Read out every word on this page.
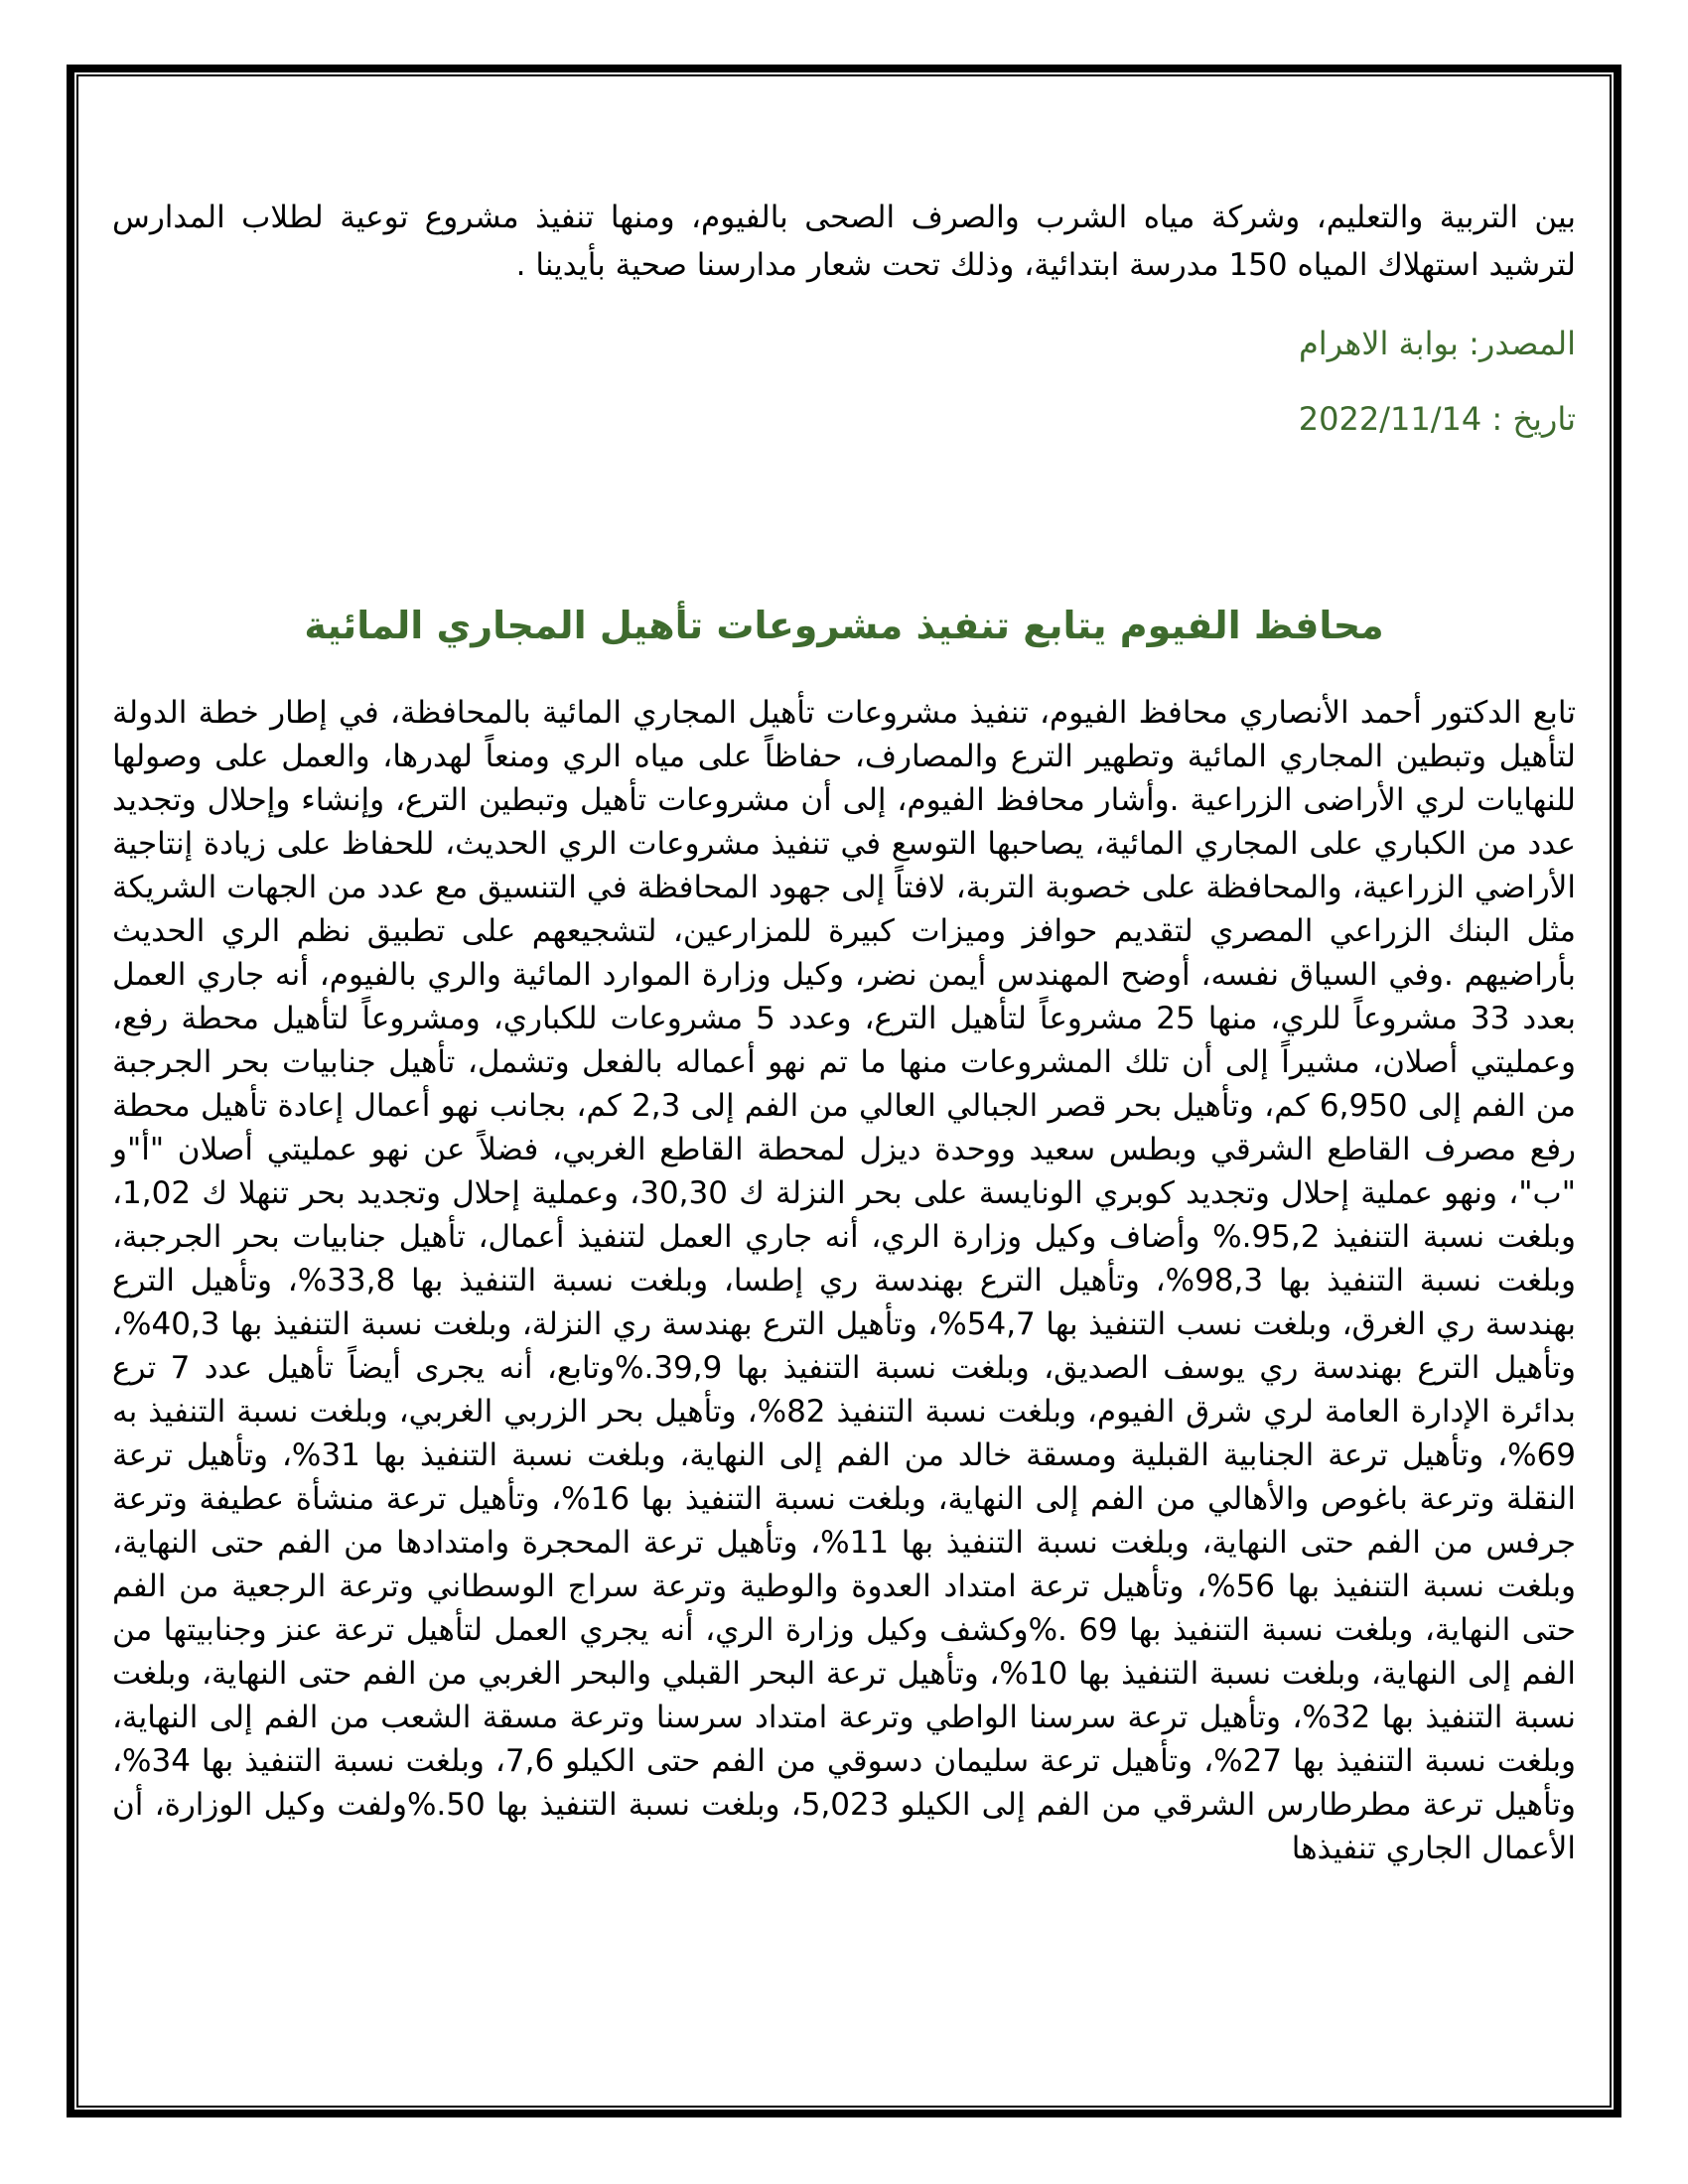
بين التربية والتعليم، وشركة مياه الشرب والصرف الصحى بالفيوم، ومنها تنفيذ مشروع توعية لطلاب المدارس لترشيد استهلاك المياه 150 مدرسة ابتدائية، وذلك تحت شعار مدارسنا صحية بأيدينا .

المصدر: بوابة الاهرام

تاريخ : 2022/11/14

محافظ الفيوم يتابع تنفيذ مشروعات تأهيل المجاري المائية

تابع الدكتور أحمد الأنصاري محافظ الفيوم، تنفيذ مشروعات تأهيل المجاري المائية بالمحافظة، في إطار خطة الدولة لتأهيل وتبطين المجاري المائية وتطهير الترع والمصارف، حفاظاً على مياه الري ومنعاً لهدرها، والعمل على وصولها للنهايات لري الأراضى الزراعية .وأشار محافظ الفيوم، إلى أن مشروعات تأهيل وتبطين الترع، وإنشاء وإحلال وتجديد عدد من الكباري على المجاري المائية، يصاحبها التوسع في تنفيذ مشروعات الري الحديث، للحفاظ على زيادة إنتاجية الأراضي الزراعية، والمحافظة على خصوبة التربة، لافتاً إلى جهود المحافظة في التنسيق مع عدد من الجهات الشريكة مثل البنك الزراعي المصري لتقديم حوافز وميزات كبيرة للمزارعين، لتشجيعهم على تطبيق نظم الري الحديث بأراضيهم .وفي السياق نفسه، أوضح المهندس أيمن نضر، وكيل وزارة الموارد المائية والري بالفيوم، أنه جاري العمل بعدد 33 مشروعاً للري، منها 25 مشروعاً لتأهيل الترع، وعدد 5 مشروعات للكباري، ومشروعاً لتأهيل محطة رفع، وعمليتي أصلان، مشيراً إلى أن تلك المشروعات منها ما تم نهو أعماله بالفعل وتشمل، تأهيل جنابيات بحر الجرجبة من الفم إلى 6,950 كم، وتأهيل بحر قصر الجبالي العالي من الفم إلى 2,3 كم، بجانب نهو أعمال إعادة تأهيل محطة رفع مصرف القاطع الشرقي وبطس سعيد ووحدة ديزل لمحطة القاطع الغربي، فضلاً عن نهو عمليتي أصلان "أ"و "ب"، ونهو عملية إحلال وتجديد كوبري الونايسة على بحر النزلة ك 30,30، وعملية إحلال وتجديد بحر تنهلا ك 1,02، وبلغت نسبة التنفيذ 95,2.% وأضاف وكيل وزارة الري، أنه جاري العمل لتنفيذ أعمال، تأهيل جنابيات بحر الجرجبة، وبلغت نسبة التنفيذ بها 98,3%، وتأهيل الترع بهندسة ري إطسا، وبلغت نسبة التنفيذ بها 33,8%، وتأهيل الترع بهندسة ري الغرق، وبلغت نسب التنفيذ بها 54,7%، وتأهيل الترع بهندسة ري النزلة، وبلغت نسبة التنفيذ بها 40,3%، وتأهيل الترع بهندسة ري يوسف الصديق، وبلغت نسبة التنفيذ بها 39,9.%وتابع، أنه يجرى أيضاً تأهيل عدد 7 ترع بدائرة الإدارة العامة لري شرق الفيوم، وبلغت نسبة التنفيذ 82%، وتأهيل بحر الزربي الغربي، وبلغت نسبة التنفيذ به 69%، وتأهيل ترعة الجنابية القبلية ومسقة خالد من الفم إلى النهاية، وبلغت نسبة التنفيذ بها 31%، وتأهيل ترعة النقلة وترعة باغوص والأهالي من الفم إلى النهاية، وبلغت نسبة التنفيذ بها 16%، وتأهيل ترعة منشأة عطيفة وترعة جرفس من الفم حتى النهاية، وبلغت نسبة التنفيذ بها 11%، وتأهيل ترعة المحجرة وامتدادها من الفم حتى النهاية، وبلغت نسبة التنفيذ بها 56%، وتأهيل ترعة امتداد العدوة والوطية وترعة سراج الوسطاني وترعة الرجعية من الفم حتى النهاية، وبلغت نسبة التنفيذ بها 69 .%وكشف وكيل وزارة الري، أنه يجري العمل لتأهيل ترعة عنز وجنابيتها من الفم إلى النهاية، وبلغت نسبة التنفيذ بها 10%، وتأهيل ترعة البحر القبلي والبحر الغربي من الفم حتى النهاية، وبلغت نسبة التنفيذ بها 32%، وتأهيل ترعة سرسنا الواطي وترعة امتداد سرسنا وترعة مسقة الشعب من الفم إلى النهاية، وبلغت نسبة التنفيذ بها 27%، وتأهيل ترعة سليمان دسوقي من الفم حتى الكيلو 7,6، وبلغت نسبة التنفيذ بها 34%، وتأهيل ترعة مطرطارس الشرقي من الفم إلى الكيلو 5,023، وبلغت نسبة التنفيذ بها 50.%ولفت وكيل الوزارة، أن الأعمال الجاري تنفيذها
